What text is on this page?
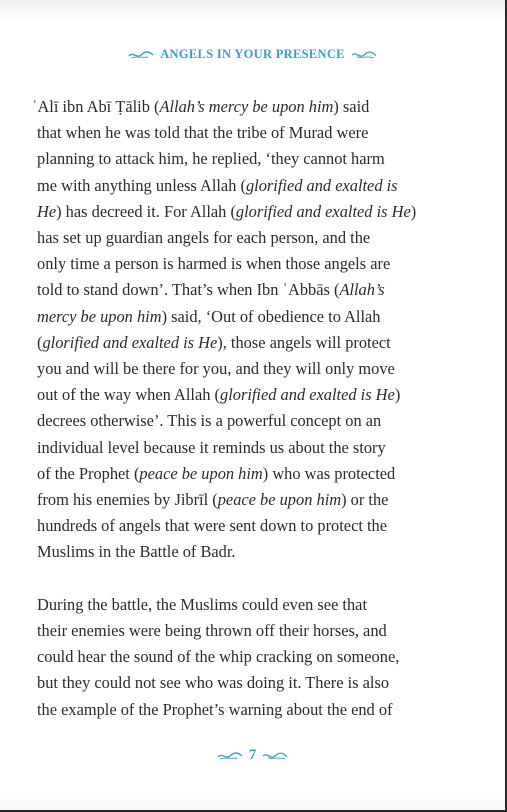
ANGELS IN YOUR PRESENCE

ʿAlī ibn Abī Ṭālib (Allah’s mercy be upon him) said
that when he was told that the tribe of Murad were
planning to attack him, he replied, ‘they cannot harm
me with anything unless Allah (glorified and exalted is
He) has decreed it. For Allah (glorified and exalted is He)
has set up guardian angels for each person, and the
only time a person is harmed is when those angels are
told to stand down’. That’s when Ibn ʿAbbās (Allah’s
mercy be upon him) said, ‘Out of obedience to Allah
(glorified and exalted is He), those angels will protect
you and will be there for you, and they will only move
out of the way when Allah (glorified and exalted is He)
decrees otherwise’. This is a powerful concept on an
individual level because it reminds us about the story
of the Prophet (peace be upon him) who was protected
from his enemies by Jibrīl (peace be upon him) or the
hundreds of angels that were sent down to protect the
Muslims in the Battle of Badr.

During the battle, the Muslims could even see that
their enemies were being thrown off their horses, and
could hear the sound of the whip cracking on someone,
but they could not see who was doing it. There is also
the example of the Prophet’s warning about the end of

7
